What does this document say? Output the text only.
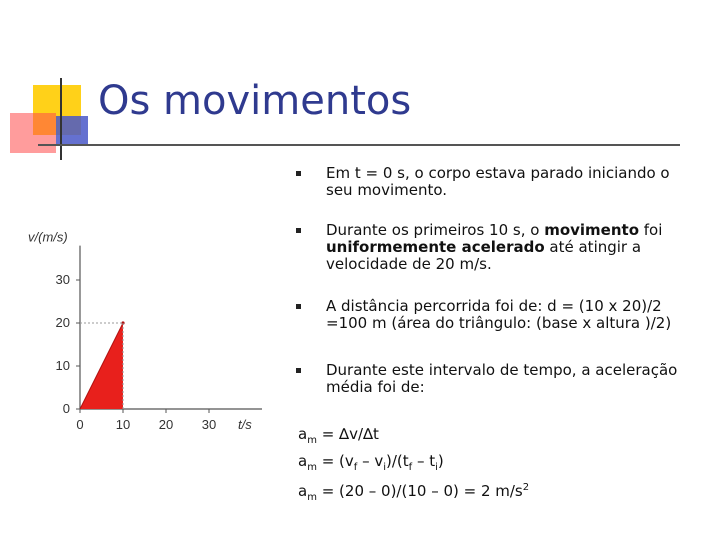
Os movimentos
Em t = 0 s, o corpo estava parado iniciando o seu movimento.
Durante os primeiros 10 s, o movimento foi uniformemente acelerado até atingir a velocidade de 20 m/s.
A distância percorrida foi de: d = (10 x 20)/2 =100 m (área do triângulo: (base x altura )/2)
Durante este intervalo de tempo, a aceleração média foi de:
$a_m = \Delta v/\Delta t$
$a_m = (v_f - v_i)/(t_f - t_i)$
$a_m = (20 - 0)/(10 - 0) = 2$ $m/s^2$
0 10 20 30
0
10
20
30
t/s
v/(m/s)
